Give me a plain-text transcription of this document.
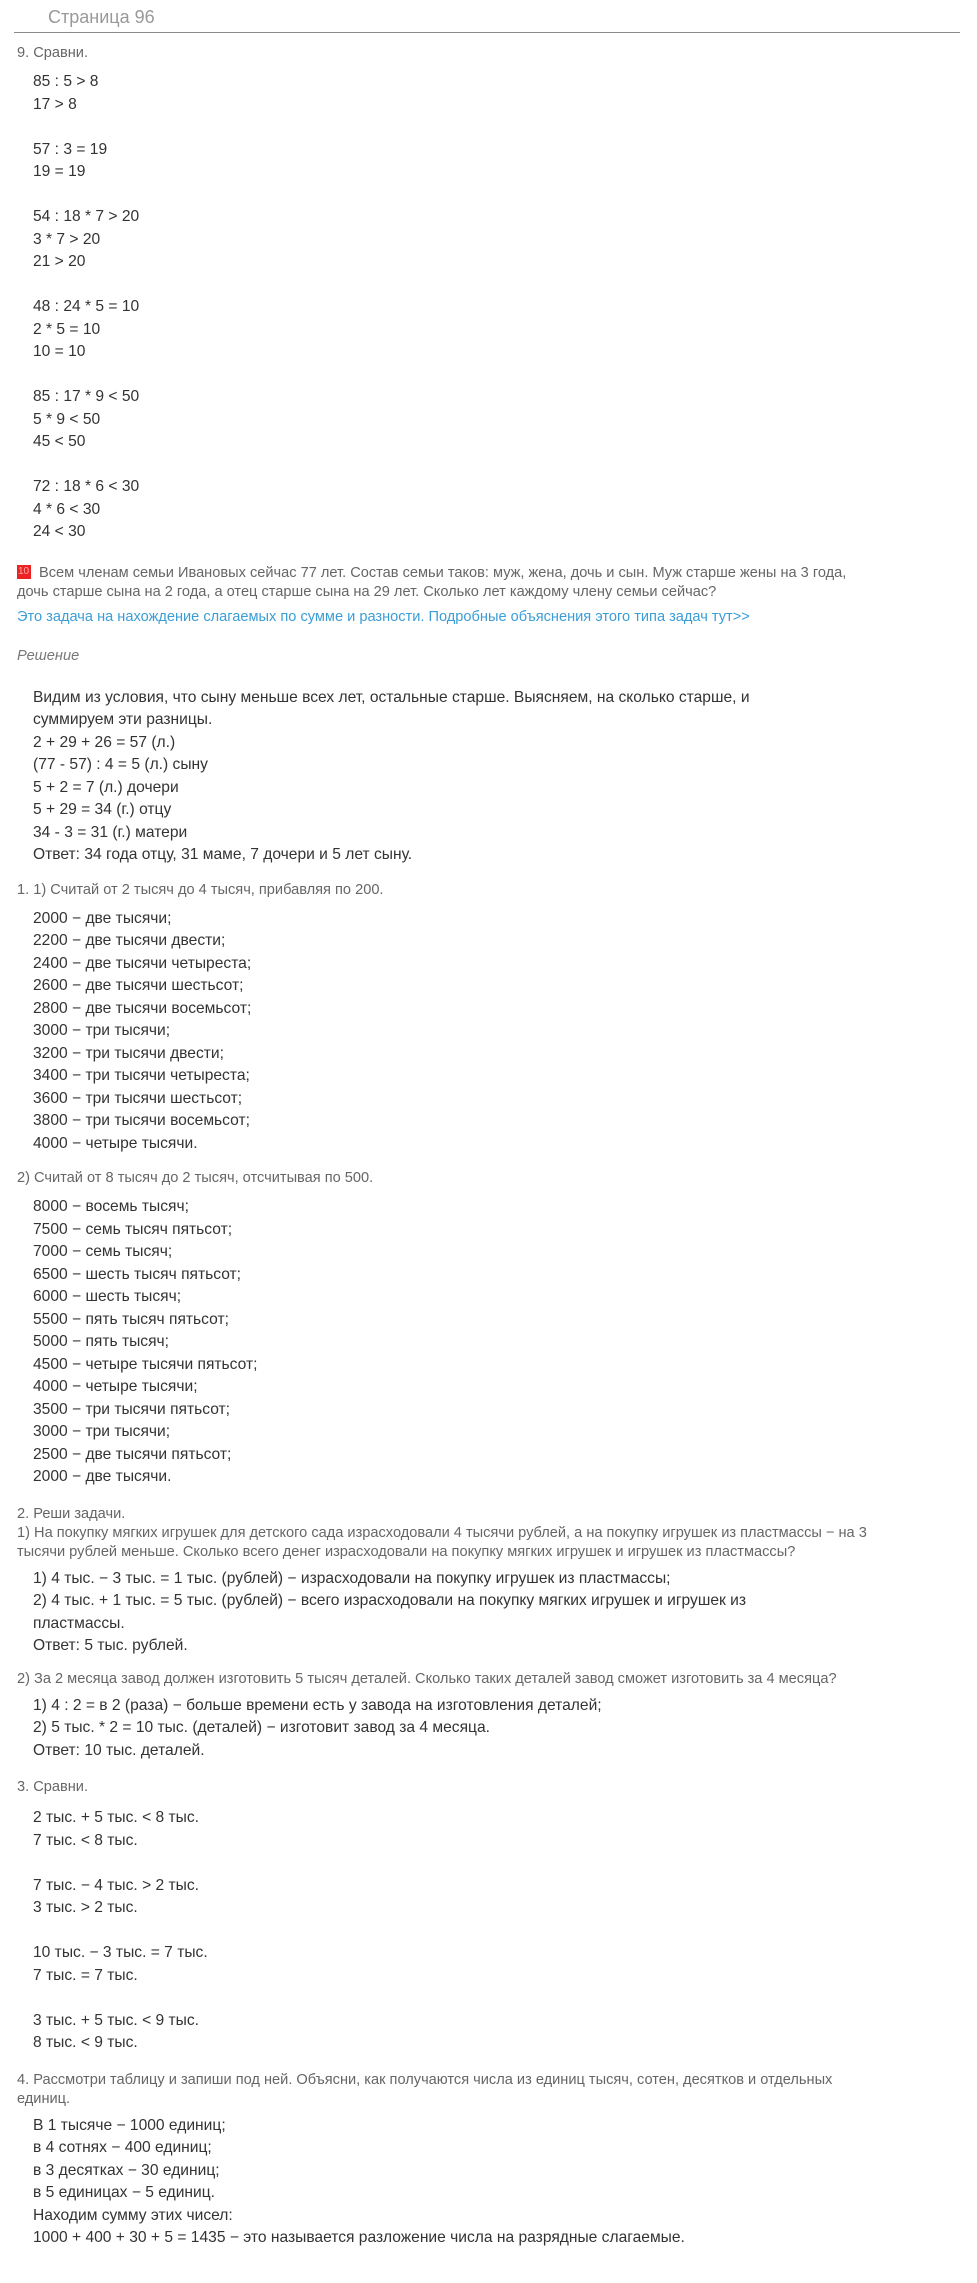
Страница 96

9. Сравни.

85 : 5 > 8
17 > 8
57 : 3 = 19
19 = 19
54 : 18 * 7 > 20
3 * 7 > 20
21 > 20
48 : 24 * 5 = 10
2 * 5 = 10
10 = 10
85 : 17 * 9 < 50
5 * 9 < 50
45 < 50
72 : 18 * 6 < 30
4 * 6 < 30
24 < 30

10Всем членам семьи Ивановых сейчас 77 лет. Состав семьи таков: муж, жена, дочь и сын. Муж старше жены на 3 года,

дочь старше сына на 2 года, а отец старше сына на 29 лет. Сколько лет каждому члену семьи сейчас?

Это задача на нахождение слагаемых по сумме и разности. Подробные объяснения этого типа задач тут>>

Решение

Видим из условия, что сыну меньше всех лет, остальные старше. Выясняем, на сколько старше, и
суммируем эти разницы.
2 + 29 + 26 = 57 (л.)
(77 - 57) : 4 = 5 (л.) сыну
5 + 2 = 7 (л.) дочери
5 + 29 = 34 (г.) отцу
34 - 3 = 31 (г.) матери
Ответ: 34 года отцу, 31 маме, 7 дочери и 5 лет сыну.

1. 1) Считай от 2 тысяч до 4 тысяч, прибавляя по 200.

2000 − две тысячи;
2200 − две тысячи двести;
2400 − две тысячи четыреста;
2600 − две тысячи шестьсот;
2800 − две тысячи восемьсот;
3000 − три тысячи;
3200 − три тысячи двести;
3400 − три тысячи четыреста;
3600 − три тысячи шестьсот;
3800 − три тысячи восемьсот;
4000 − четыре тысячи.

2) Считай от 8 тысяч до 2 тысяч, отсчитывая по 500.

8000 − восемь тысяч;
7500 − семь тысяч пятьсот;
7000 − семь тысяч;
6500 − шесть тысяч пятьсот;
6000 − шесть тысяч;
5500 − пять тысяч пятьсот;
5000 − пять тысяч;
4500 − четыре тысячи пятьсот;
4000 − четыре тысячи;
3500 − три тысячи пятьсот;
3000 − три тысячи;
2500 − две тысячи пятьсот;
2000 − две тысячи.

2. Реши задачи.

1) На покупку мягких игрушек для детского сада израсходовали 4 тысячи рублей, а на покупку игрушек из пластмассы − на 3

тысячи рублей меньше. Сколько всего денег израсходовали на покупку мягких игрушек и игрушек из пластмассы?

1) 4 тыс. − 3 тыс. = 1 тыс. (рублей) − израсходовали на покупку игрушек из пластмассы;
2) 4 тыс. + 1 тыс. = 5 тыс. (рублей) − всего израсходовали на покупку мягких игрушек и игрушек из
пластмассы.
Ответ: 5 тыс. рублей.

2) За 2 месяца завод должен изготовить 5 тысяч деталей. Сколько таких деталей завод сможет изготовить за 4 месяца?

1) 4 : 2 = в 2 (раза) − больше времени есть у завода на изготовления деталей;
2) 5 тыс. * 2 = 10 тыс. (деталей) − изготовит завод за 4 месяца.
Ответ: 10 тыс. деталей.

3. Сравни.

2 тыс. + 5 тыс. < 8 тыс.
7 тыс. < 8 тыс.
7 тыс. − 4 тыс. > 2 тыс.
3 тыс. > 2 тыс.
10 тыс. − 3 тыс. = 7 тыс.
7 тыс. = 7 тыс.
3 тыс. + 5 тыс. < 9 тыс.
8 тыс. < 9 тыс.

4. Рассмотри таблицу и запиши под ней. Объясни, как получаются числа из единиц тысяч, сотен, десятков и отдельных

единиц.

В 1 тысяче − 1000 единиц;
в 4 сотнях − 400 единиц;
в 3 десятках − 30 единиц;
в 5 единицах − 5 единиц.
Находим сумму этих чисел:
1000 + 400 + 30 + 5 = 1435 − это называется разложение числа на разрядные слагаемые.
